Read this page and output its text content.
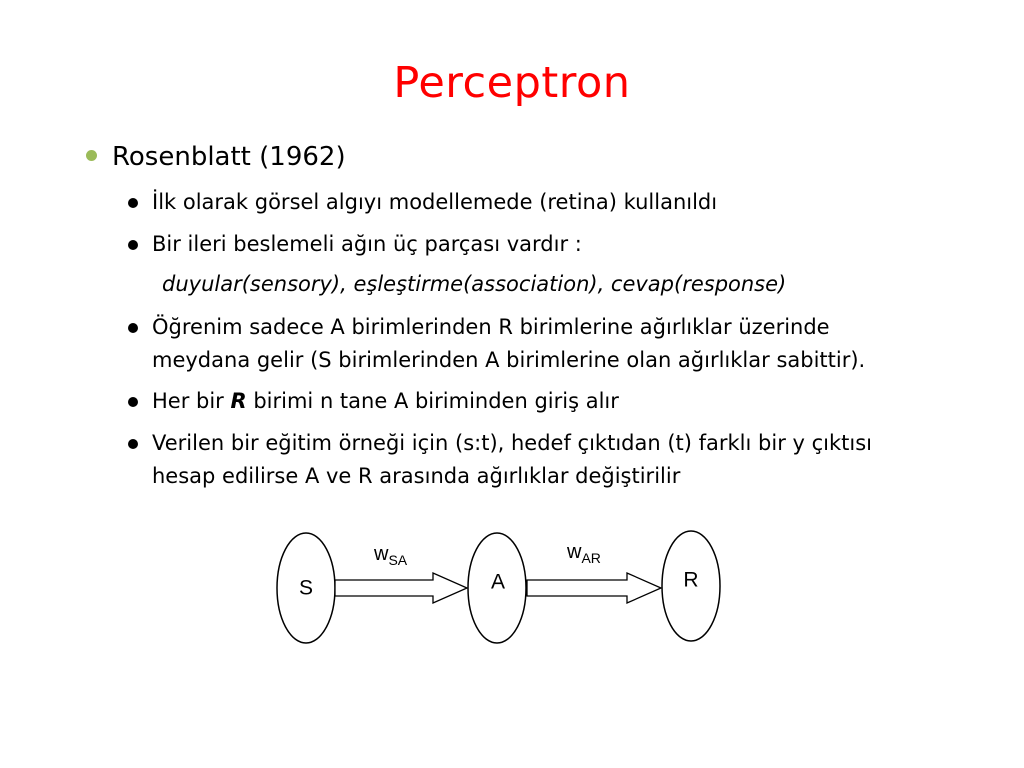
Perceptron
Rosenblatt (1962)
İlk olarak görsel algıyı modellemede (retina) kullanıldı
Bir ileri beslemeli ağın üç parçası vardır :
duyular(sensory), eşleştirme(association), cevap(response)
Öğrenim sadece A birimlerinden R birimlerine ağırlıklar üzerinde
meydana gelir (S birimlerinden A birimlerine olan ağırlıklar sabittir).
Her bir R birimi n tane A biriminden giriş alır
Verilen bir eğitim örneği için (s:t), hedef çıktıdan (t) farklı bir y çıktısı
hesap edilirse A ve R arasında ağırlıklar değiştirilir
S	A	R
$w_{SA}$	$w_{AR}$
